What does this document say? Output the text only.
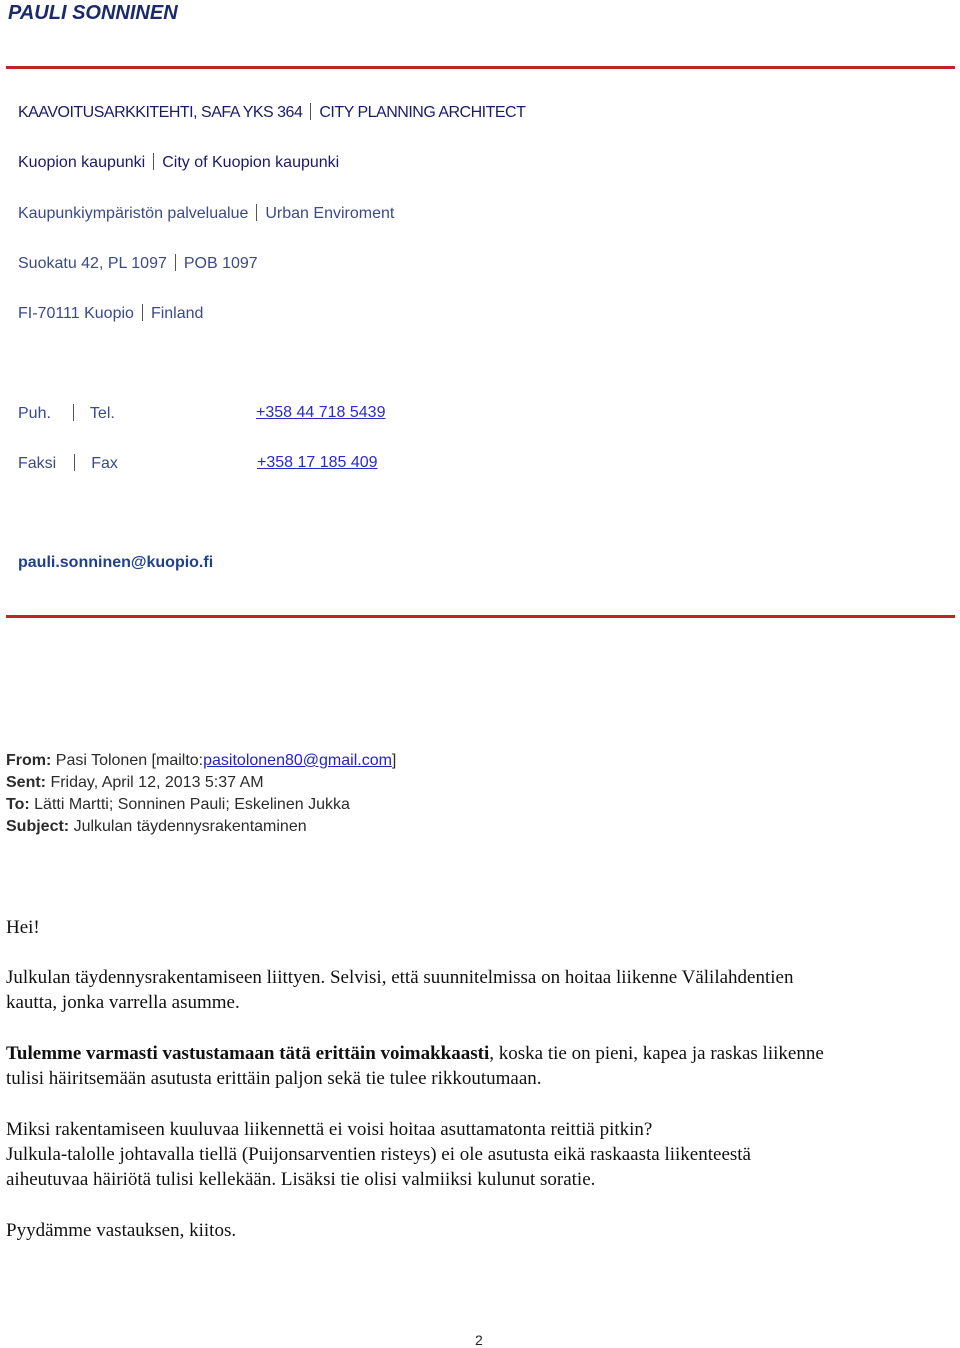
PAULI SONNINEN
KAAVOITUSARKKITEHTI, SAFA YKS 364 CITY PLANNING ARCHITECT
Kuopion kaupunki City of Kuopion kaupunki
Kaupunkiympäristön palvelualue Urban Enviroment
Suokatu 42, PL 1097 POB 1097
FI-70111 Kuopio Finland
Puh. Tel.	+358 44 718 5439
Faksi Fax	+358 17 185 409
pauli.sonninen@kuopio.fi
From: Pasi Tolonen [mailto:pasitolonen80@gmail.com]
Sent: Friday, April 12, 2013 5:37 AM
To: Lätti Martti; Sonninen Pauli; Eskelinen Jukka
Subject: Julkulan täydennysrakentaminen
Hei!
Julkulan täydennysrakentamiseen liittyen. Selvisi, että suunnitelmissa on hoitaa liikenne Välilahdentien
kautta, jonka varrella asumme.
Tulemme varmasti vastustamaan tätä erittäin voimakkaasti, koska tie on pieni, kapea ja raskas liikenne
tulisi häiritsemään asutusta erittäin paljon sekä tie tulee rikkoutumaan.
Miksi rakentamiseen kuuluvaa liikennettä ei voisi hoitaa asuttamatonta reittiä pitkin?
Julkula-talolle johtavalla tiellä (Puijonsarventien risteys) ei ole asutusta eikä raskaasta liikenteestä
aiheutuvaa häiriötä tulisi kellekään. Lisäksi tie olisi valmiiksi kulunut soratie.
Pyydämme vastauksen, kiitos.
2
